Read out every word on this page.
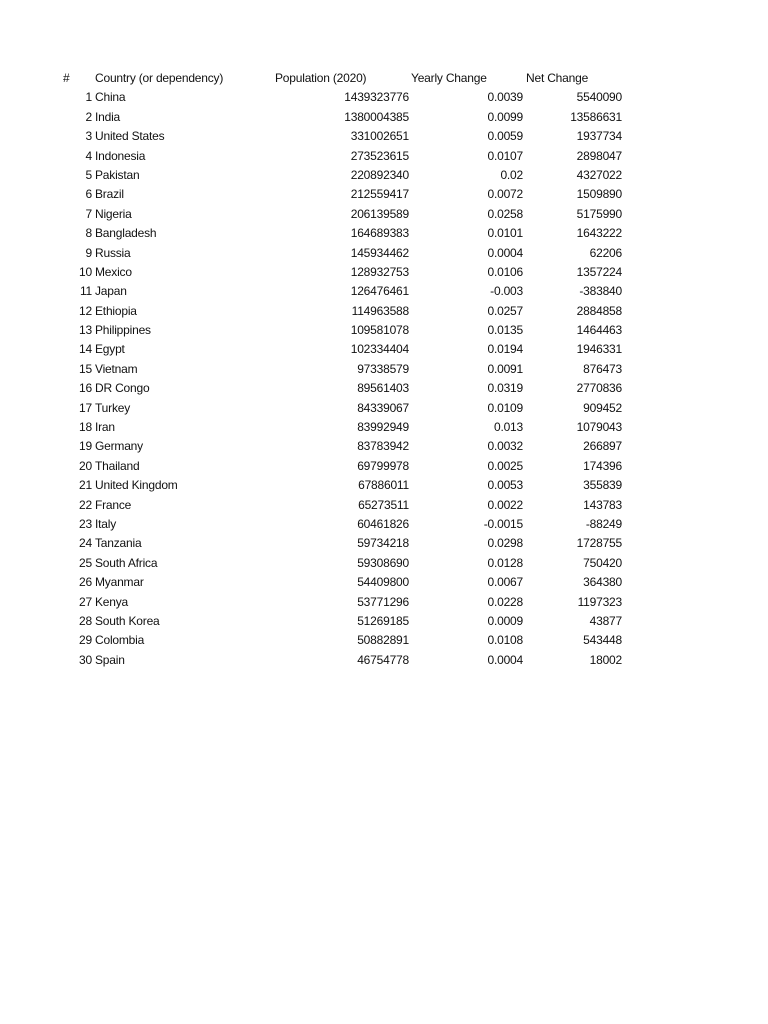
# Country (or dependency)	Population (2020)	Yearly Change	Net Change
1 China	1439323776	0.0039	5540090
2 India	1380004385	0.0099	13586631
3 United States	331002651	0.0059	1937734
4 Indonesia	273523615	0.0107	2898047
5 Pakistan	220892340	0.02	4327022
6 Brazil	212559417	0.0072	1509890
7 Nigeria	206139589	0.0258	5175990
8 Bangladesh	164689383	0.0101	1643222
9 Russia	145934462	0.0004	62206
10 Mexico	128932753	0.0106	1357224
11 Japan	126476461	-0.003	-383840
12 Ethiopia	114963588	0.0257	2884858
13 Philippines	109581078	0.0135	1464463
14 Egypt	102334404	0.0194	1946331
15 Vietnam	97338579	0.0091	876473
16 DR Congo	89561403	0.0319	2770836
17 Turkey	84339067	0.0109	909452
18 Iran	83992949	0.013	1079043
19 Germany	83783942	0.0032	266897
20 Thailand	69799978	0.0025	174396
21 United Kingdom	67886011	0.0053	355839
22 France	65273511	0.0022	143783
23 Italy	60461826	-0.0015	-88249
24 Tanzania	59734218	0.0298	1728755
25 South Africa	59308690	0.0128	750420
26 Myanmar	54409800	0.0067	364380
27 Kenya	53771296	0.0228	1197323
28 South Korea	51269185	0.0009	43877
29 Colombia	50882891	0.0108	543448
30 Spain	46754778	0.0004	18002
